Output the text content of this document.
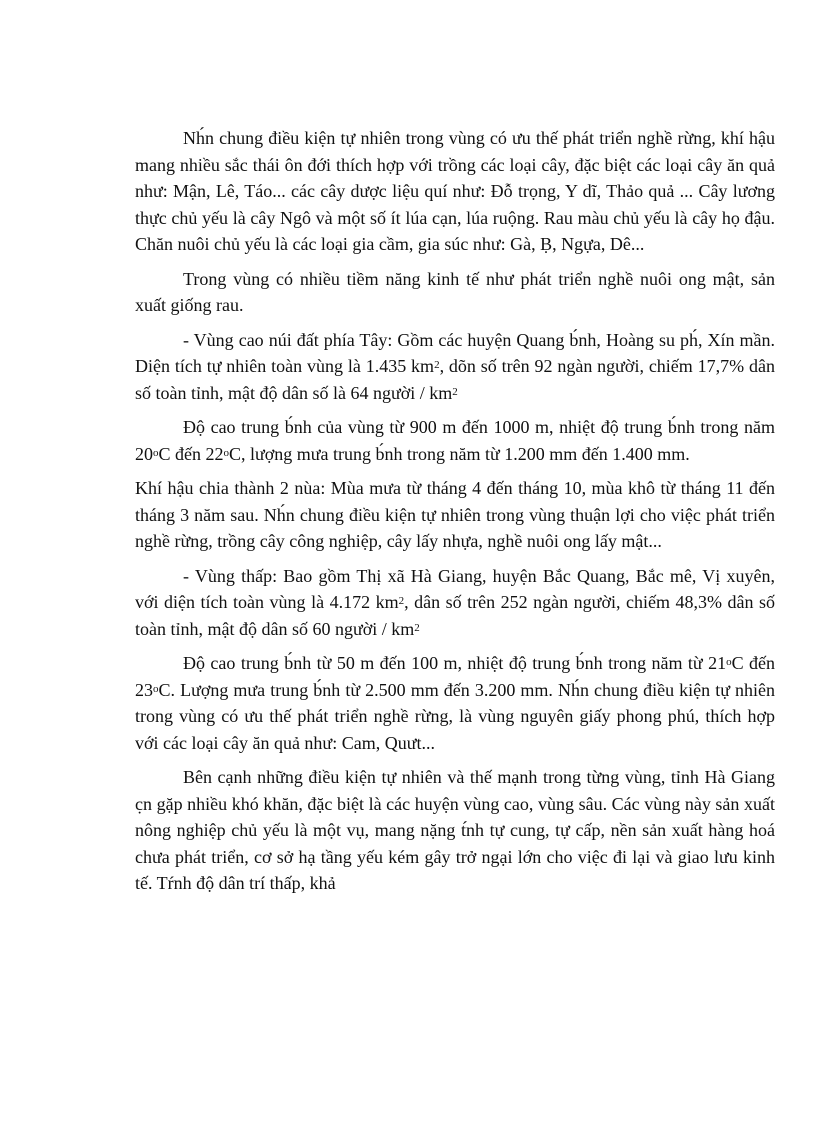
Nh́n chung điều kiện tự nhiên trong vùng có ưu thế phát triển nghề rừng, khí hậu mang nhiều sắc thái ôn đới thích hợp với trồng các loại cây, đặc biệt các loại cây ăn quả như: Mận, Lê, Táo... các cây dược liệu quí như: Đỗ trọng, Y dĩ, Thảo quả ... Cây lương thực chủ yếu là cây Ngô và một số ít lúa cạn, lúa ruộng. Rau màu chủ yếu là cây họ đậu. Chăn nuôi chủ yếu là các loại gia cầm, gia súc như: Gà, Ḅ, Ngựa, Dê...

Trong vùng có nhiều tiềm năng kinh tế như phát triển nghề nuôi ong mật, sản xuất giống rau.

- Vùng cao núi đất phía Tây: Gồm các huyện Quang b́nh, Hoàng su ph́, Xín mần. Diện tích tự nhiên toàn vùng là 1.435 $km^2$, dõn số trên 92 ngàn người, chiếm 17,7% dân số toàn tỉnh, mật độ dân số là 64 người / $km^2$

Độ cao trung b́nh của vùng từ 900 m đến 1000 m, nhiệt độ trung b́nh trong năm 20$^o$C đến 22$^o$C, lượng mưa trung b́nh trong năm từ 1.200 mm đến 1.400 mm.

Khí hậu chia thành 2 nùa: Mùa mưa từ tháng 4 đến tháng 10, mùa khô từ tháng 11 đến tháng 3 năm sau. Nh́n chung điều kiện tự nhiên trong vùng thuận lợi cho việc phát triển nghề rừng, trồng cây công nghiệp, cây lấy nhựa, nghề nuôi ong lấy mật...

- Vùng thấp: Bao gồm Thị xã Hà Giang, huyện Bắc Quang, Bắc mê, Vị xuyên, với diện tích toàn vùng là 4.172 $km^2$, dân số trên 252 ngàn người, chiếm 48,3% dân số toàn tỉnh, mật độ dân số 60 người / $km^2$

Độ cao trung b́nh từ 50 m đến 100 m, nhiệt độ trung b́nh trong năm từ 21$^o$C đến 23$^o$C. Lượng mưa trung b́nh từ 2.500 mm đến 3.200 mm. Nh́n chung điều kiện tự nhiên trong vùng có ưu thế phát triển nghề rừng, là vùng nguyên giấy phong phú, thích hợp với các loại cây ăn quả như: Cam, Quưt...

Bên cạnh những điều kiện tự nhiên và thế mạnh trong từng vùng, tỉnh Hà Giang c̣n gặp nhiều khó khăn, đặc biệt là các huyện vùng cao, vùng sâu. Các vùng này sản xuất nông nghiệp chủ yếu là một vụ, mang nặng t́nh tự cung, tự cấp, nền sản xuất hàng hoá chưa phát triển, cơ sở hạ tầng yếu kém gây trở ngại lớn cho việc đi lại và giao lưu kinh tế. Tŕnh độ dân trí thấp, khả
